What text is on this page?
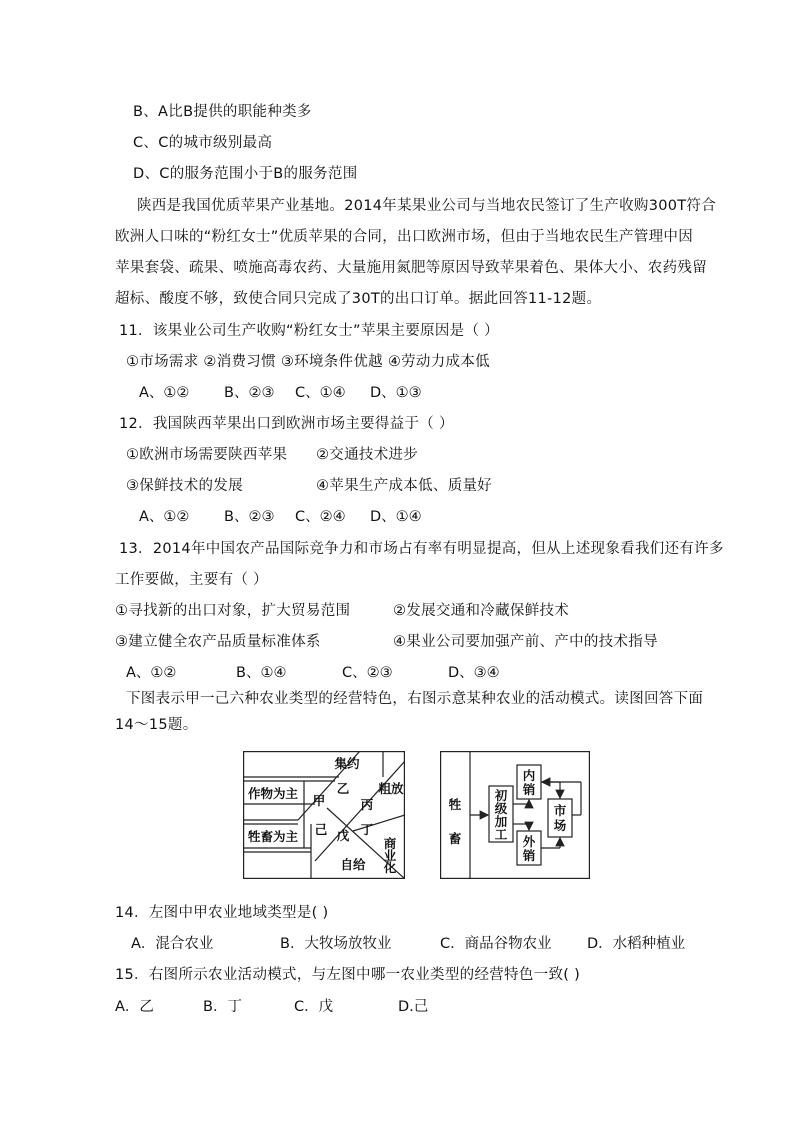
B、A比B提供的职能种类多
C、C的城市级别最高
D、C的服务范围小于B的服务范围
陕西是我国优质苹果产业基地。2014年某果业公司与当地农民签订了生产收购300T符合
欧洲人口味的“粉红女士”优质苹果的合同，出口欧洲市场，但由于当地农民生产管理中因
苹果套袋、疏果、喷施高毒农药、大量施用氮肥等原因导致苹果着色、果体大小、农药残留
超标、酸度不够，致使合同只完成了30T的出口订单。据此回答11-12题。
11．该果业公司生产收购“粉红女士”苹果主要原因是（ ）
①市场需求 ②消费习惯 ③环境条件优越 ④劳动力成本低
A、①② B、②③ C、①④ D、①③
12．我国陕西苹果出口到欧洲市场主要得益于（ ）
①欧洲市场需要陕西苹果 ②交通技术进步
③保鲜技术的发展	④苹果生产成本低、质量好
A、①② B、②③ C、②④ D、①④
13．2014年中国农产品国际竞争力和市场占有率有明显提高，但从上述现象看我们还有许多
工作要做，主要有（ ）
①寻找新的出口对象，扩大贸易范围	②发展交通和冷藏保鲜技术
③建立健全农产品质量标准体系	④果业公司要加强产前、产中的技术指导
A、①②	B、①④	C、②③	D、③④
下图表示甲一己六种农业类型的经营特色，右图示意某种农业的活动模式。读图回答下面
14～15题。
集约
粗放
作物为主
牲畜为主
甲
乙
丙
己 戊 丁
自给
商
业
化
牲
畜
初
级
加
工
内
销
外
销
市
场
14．左图中甲农业地域类型是( )
A．混合农业	B．大牧场放牧业	C．商品谷物农业 D．水稻种植业
15．右图所示农业活动模式，与左图中哪一农业类型的经营特色一致( )
A．乙	B．丁	C．戊	D.己
